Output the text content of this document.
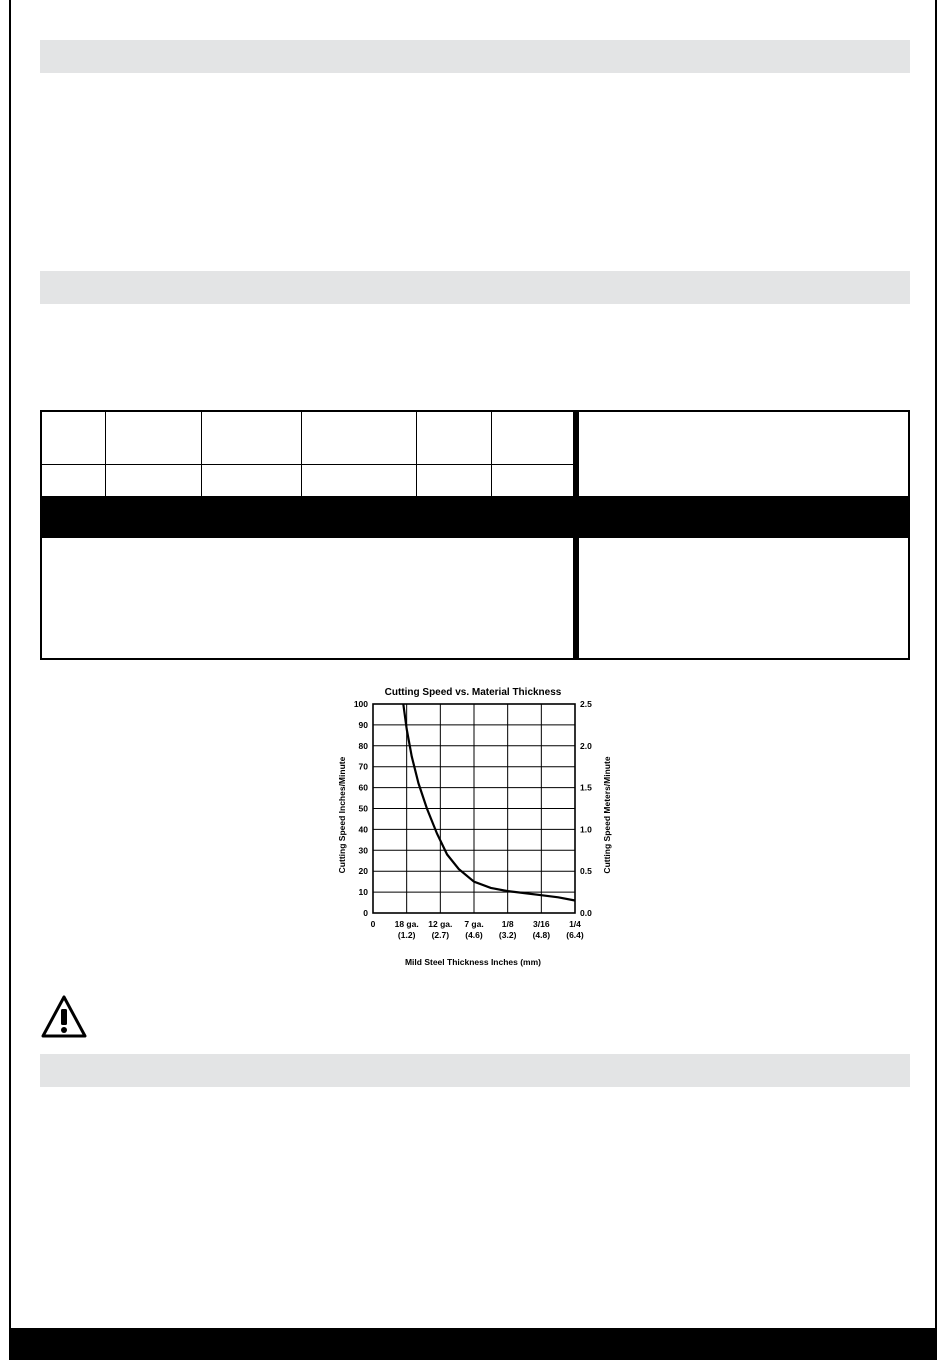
Cutting Speed vs. Material Thickness
0
10
20
30
40
50
60
70
80
90
100
0.0
0.5
1.0
1.5
2.0
2.5
0 18 ga.
(1.2)
12 ga.
(2.7)
7 ga.
(4.6)
1/8
(3.2)
3/16
(4.8)
1/4
(6.4)
Cutting Speed Inches/Minute	Cutting Speed Meters/Minute
Mild Steel Thickness Inches (mm)
